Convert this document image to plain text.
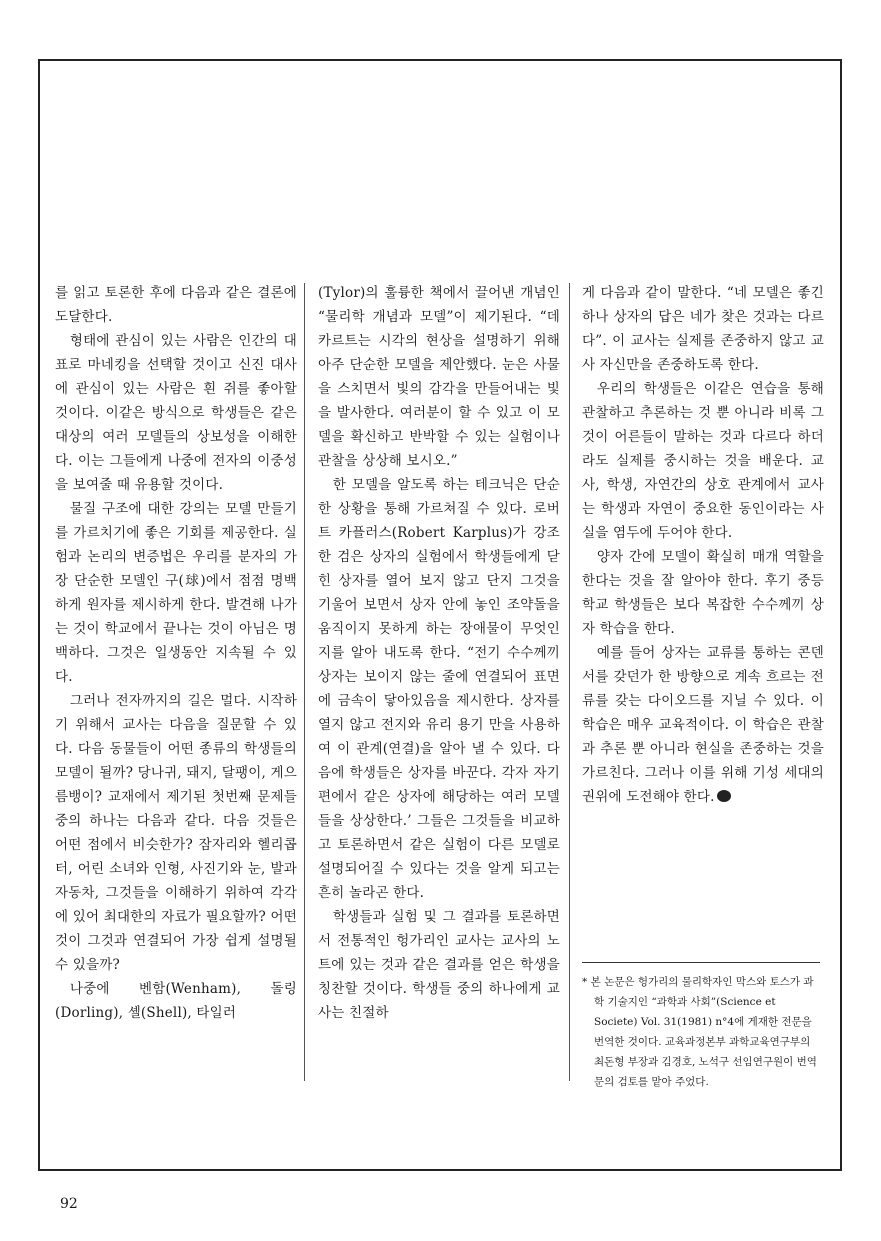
를 읽고 토론한 후에 다음과 같은 결론에 도달한다.

형태에 관심이 있는 사람은 인간의 대표로 마네킹을 선택할 것이고 신진 대사에 관심이 있는 사람은 흰 쥐를 좋아할 것이다. 이같은 방식으로 학생들은 같은 대상의 여러 모델들의 상보성을 이해한다. 이는 그들에게 나중에 전자의 이중성을 보여줄 때 유용할 것이다.

물질 구조에 대한 강의는 모델 만들기를 가르치기에 좋은 기회를 제공한다. 실험과 논리의 변증법은 우리를 분자의 가장 단순한 모델인 구(球)에서 점점 명백하게 원자를 제시하게 한다. 발견해 나가는 것이 학교에서 끝나는 것이 아님은 명백하다. 그것은 일생동안 지속될 수 있다.

그러나 전자까지의 길은 멀다. 시작하기 위해서 교사는 다음을 질문할 수 있다. 다음 동물들이 어떤 종류의 학생들의 모델이 될까? 당나귀, 돼지, 달팽이, 게으름뱅이? 교재에서 제기된 첫번째 문제들 중의 하나는 다음과 같다. 다음 것들은 어떤 점에서 비슷한가? 잠자리와 헬리콥터, 어린 소녀와 인형, 사진기와 눈, 발과 자동차, 그것들을 이해하기 위하여 각각에 있어 최대한의 자료가 필요할까? 어떤 것이 그것과 연결되어 가장 쉽게 설명될 수 있을까?

나중에 벤함(Wenham), 돌링(Dorling), 셸(Shell), 타일러

(Tylor)의 훌륭한 책에서 끌어낸 개념인 “물리학 개념과 모델”이 제기된다. “데카르트는 시각의 현상을 설명하기 위해 아주 단순한 모델을 제안했다. 눈은 사물을 스치면서 빛의 감각을 만들어내는 빛을 발사한다. 여러분이 할 수 있고 이 모델을 확신하고 반박할 수 있는 실험이나 관찰을 상상해 보시오.”

한 모델을 알도록 하는 테크닉은 단순한 상황을 통해 가르쳐질 수 있다. 로버트 카플러스(Robert Karplus)가 강조한 검은 상자의 실험에서 학생들에게 닫힌 상자를 열어 보지 않고 단지 그것을 기울어 보면서 상자 안에 놓인 조약돌을 움직이지 못하게 하는 장애물이 무엇인 지를 알아 내도록 한다. “전기 수수께끼 상자는 보이지 않는 줄에 연결되어 표면에 금속이 닿아있음을 제시한다. 상자를 열지 않고 전지와 유리 용기 만을 사용하여 이 관계(연결)을 알아 낼 수 있다. 다음에 학생들은 상자를 바꾼다. 각자 자기 편에서 같은 상자에 해당하는 여러 모델들을 상상한다.’ 그들은 그것들을 비교하고 토론하면서 같은 실험이 다른 모델로 설명되어질 수 있다는 것을 알게 되고는 흔히 놀라곤 한다.

학생들과 실험 및 그 결과를 토론하면서 전통적인 헝가리인 교사는 교사의 노트에 있는 것과 같은 결과를 얻은 학생을 칭찬할 것이다. 학생들 중의 하나에게 교사는 친절하

게 다음과 같이 말한다. “네 모델은 좋긴하나 상자의 답은 네가 찾은 것과는 다르다”. 이 교사는 실제를 존중하지 않고 교사 자신만을 존중하도록 한다.

우리의 학생들은 이같은 연습을 통해 관찰하고 추론하는 것 뿐 아니라 비록 그것이 어른들이 말하는 것과 다르다 하더라도 실제를 중시하는 것을 배운다. 교사, 학생, 자연간의 상호 관계에서 교사는 학생과 자연이 중요한 동인이라는 사실을 염두에 두어야 한다.

양자 간에 모델이 확실히 매개 역할을 한다는 것을 잘 알아야 한다. 후기 중등학교 학생들은 보다 복잡한 수수께끼 상자 학습을 한다.

예를 들어 상자는 교류를 통하는 콘덴서를 갖던가 한 방향으로 계속 흐르는 전류를 갖는 다이오드를 지닐 수 있다. 이 학습은 매우 교육적이다. 이 학습은 관찰과 추론 뿐 아니라 현실을 존중하는 것을 가르친다. 그러나 이를 위해 기성 세대의 권위에 도전해야 한다.

* 본 논문은 헝가리의 물리학자인 막스와 토스가 과학 기술지인 “과학과 사회”(Science et Societe) Vol. 31(1981) n°4에 게재한 전문을 번역한 것이다. 교육과정본부 과학교육연구부의 최돈형 부장과 김경호, 노석구 선임연구원이 번역문의 검토를 맡아 주었다.
92
